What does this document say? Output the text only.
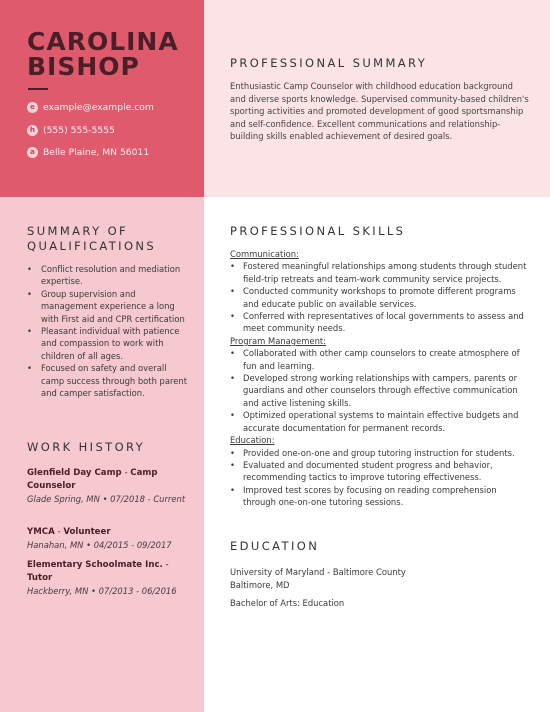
CAROLINA
BISHOP
e example@example.com
h (555) 555-5555
a Belle Plaine, MN 56011
PROFESSIONAL SUMMARY
Enthusiastic Camp Counselor with childhood education background and diverse sports knowledge. Supervised community-based children's sporting activities and promoted development of good sportsmanship and self-confidence. Excellent communications and relationship-building skills enabled achievement of desired goals.
SUMMARY OF
QUALIFICATIONS
• Conflict resolution and mediation expertise.
• Group supervision and management experience a long with First aid and CPR certification
• Pleasant individual with patience and compassion to work with children of all ages.
• Focused on safety and overall camp success through both parent and camper satisfaction.
WORK HISTORY
Glenfield Day Camp - Camp Counselor
Glade Spring, MN • 07/2018 - Current
YMCA - Volunteer
Hanahan, MN • 04/2015 - 09/2017
Elementary Schoolmate Inc. - Tutor
Hackberry, MN • 07/2013 - 06/2016
PROFESSIONAL SKILLS
Communication:
• Fostered meaningful relationships among students through student field-trip retreats and team-work community service projects.
• Conducted community workshops to promote different programs and educate public on available services.
• Conferred with representatives of local governments to assess and meet community needs.
Program Management:
• Collaborated with other camp counselors to create atmosphere of fun and learning.
• Developed strong working relationships with campers, parents or guardians and other counselors through effective communication and active listening skills.
• Optimized operational systems to maintain effective budgets and accurate documentation for permanent records.
Education:
• Provided one-on-one and group tutoring instruction for students.
• Evaluated and documented student progress and behavior, recommending tactics to improve tutoring effectiveness.
• Improved test scores by focusing on reading comprehension through one-on-one tutoring sessions.
EDUCATION
University of Maryland - Baltimore County
Baltimore, MD
Bachelor of Arts: Education
